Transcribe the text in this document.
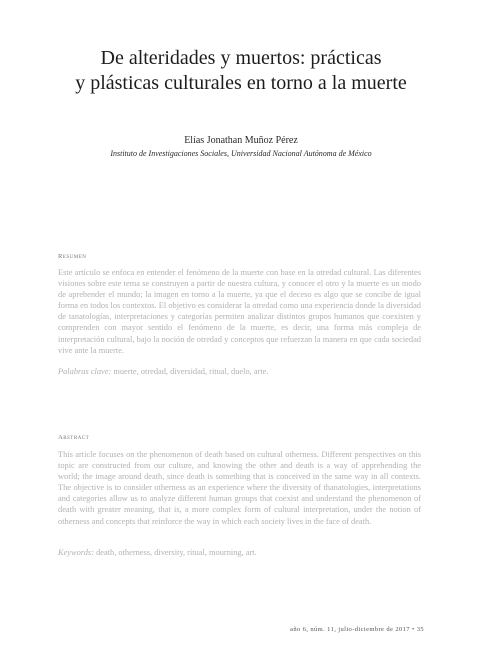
De alteridades y muertos: prácticas
y plásticas culturales en torno a la muerte
Elías Jonathan Muñoz Pérez
Instituto de Investigaciones Sociales, Universidad Nacional Autónoma de México
Resumen

Este artículo se enfoca en entender el fenómeno de la muerte con base en la otredad cultural. Las diferentes visiones sobre este tema se construyen a partir de nuestra cultura, y conocer el otro y la muerte es un modo de aprehender el mundo; la imagen en torno a la muerte, ya que el deceso es algo que se concibe de igual forma en todos los contextos. El objetivo es considerar la otredad como una experiencia donde la diversidad de tanatologías, interpretaciones y categorías permiten analizar distintos grupos humanos que coexisten y comprenden con mayor sentido el fenómeno de la muerte, es decir, una forma más compleja de interpretación cultural, bajo la noción de otredad y conceptos que refuerzan la manera en que cada sociedad vive ante la muerte.

Palabras clave: muerte, otredad, diversidad, ritual, duelo, arte.

Abstract

This article focuses on the phenomenon of death based on cultural otherness. Different perspectives on this topic are constructed from our culture, and knowing the other and death is a way of apprehending the world; the image around death, since death is something that is conceived in the same way in all contexts. The objective is to consider otherness as an experience where the diversity of thanatologies, interpretations and categories allow us to analyze different human groups that coexist and understand the phenomenon of death with greater meaning, that is, a more complex form of cultural interpretation, under the notion of otherness and concepts that reinforce the way in which each society lives in the face of death.

Keywords: death, otherness, diversity, ritual, mourning, art.

año 6, núm. 11, julio-diciembre de 2017 • 35
